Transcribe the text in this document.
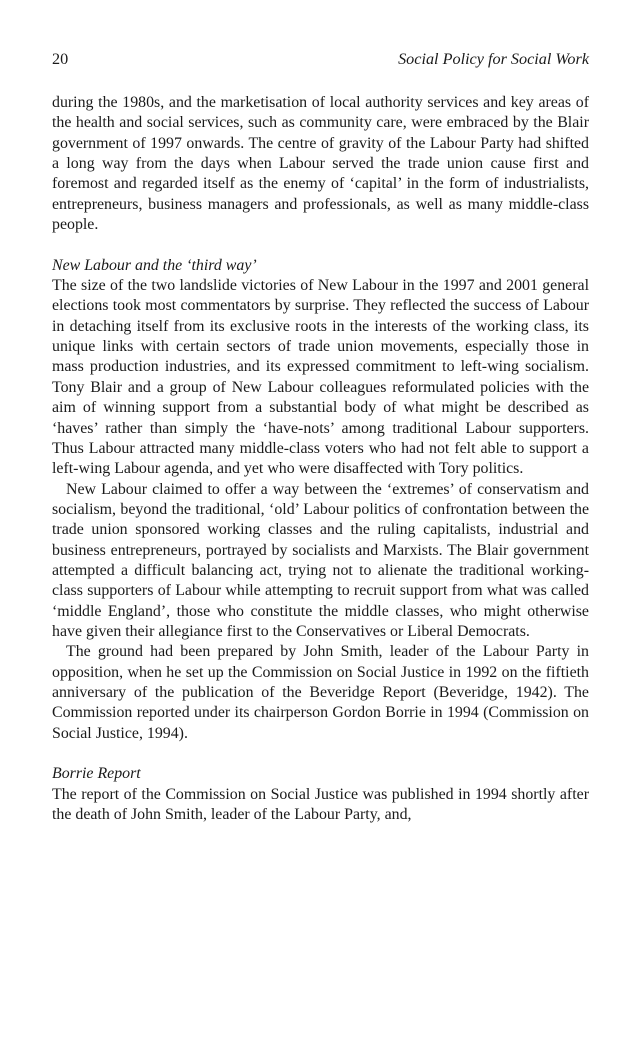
20	Social Policy for Social Work

during the 1980s, and the marketisation of local authority services and key areas of the health and social services, such as community care, were embraced by the Blair government of 1997 onwards. The centre of gravity of the Labour Party had shifted a long way from the days when Labour served the trade union cause first and foremost and regarded itself as the enemy of ‘capital’ in the form of industrialists, entrepreneurs, business managers and professionals, as well as many middle-class people.

New Labour and the ‘third way’

The size of the two landslide victories of New Labour in the 1997 and 2001 general elections took most commentators by surprise. They reflected the success of Labour in detaching itself from its exclusive roots in the interests of the working class, its unique links with certain sectors of trade union movements, especially those in mass production industries, and its expressed commitment to left-wing socialism. Tony Blair and a group of New Labour colleagues reformulated policies with the aim of winning support from a substantial body of what might be described as ‘haves’ rather than simply the ‘have-nots’ among traditional Labour supporters. Thus Labour attracted many middle-class voters who had not felt able to support a left-wing Labour agenda, and yet who were disaffected with Tory politics.

New Labour claimed to offer a way between the ‘extremes’ of conservatism and socialism, beyond the traditional, ‘old’ Labour politics of confrontation between the trade union sponsored working classes and the ruling capitalists, industrial and business entrepreneurs, portrayed by socialists and Marxists. The Blair government attempted a difficult balancing act, trying not to alienate the traditional working-class supporters of Labour while attempting to recruit support from what was called ‘middle England’, those who constitute the middle classes, who might otherwise have given their allegiance first to the Conservatives or Liberal Democrats.

The ground had been prepared by John Smith, leader of the Labour Party in opposition, when he set up the Commission on Social Justice in 1992 on the fiftieth anniversary of the publication of the Beveridge Report (Beveridge, 1942). The Commission reported under its chairperson Gordon Borrie in 1994 (Commission on Social Justice, 1994).

Borrie Report

The report of the Commission on Social Justice was published in 1994 shortly after the death of John Smith, leader of the Labour Party, and,
